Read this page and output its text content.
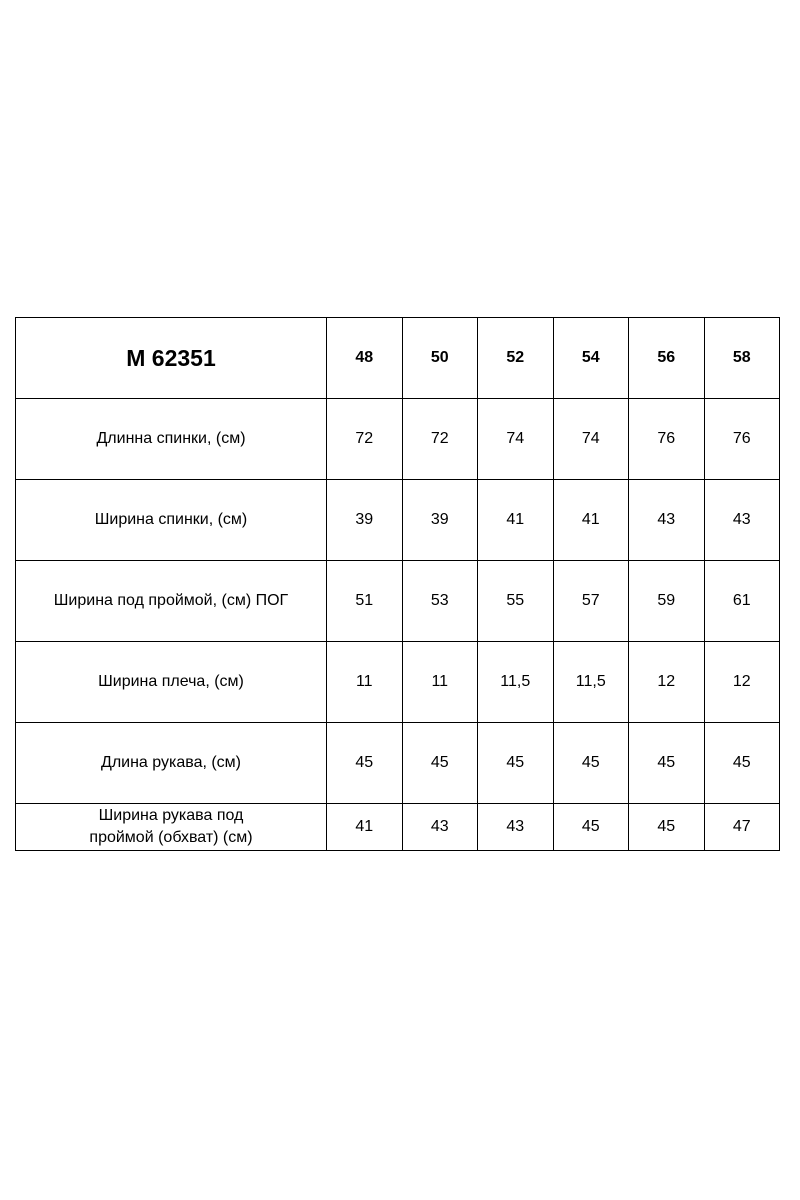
М 62351	48	50	52	54	56	58
Длинна спинки, (см)	72	72	74	74	76	76
Ширина спинки, (см)	39	39	41	41	43	43
Ширина под проймой, (см) ПОГ	51	53	55	57	59	61
Ширина плеча, (см)	11	11	11,5	11,5	12	12
Длина рукава, (см)	45	45	45	45	45	45

Ширина рукава под
проймой (обхват) (см)	41	43	43	45	45	47
